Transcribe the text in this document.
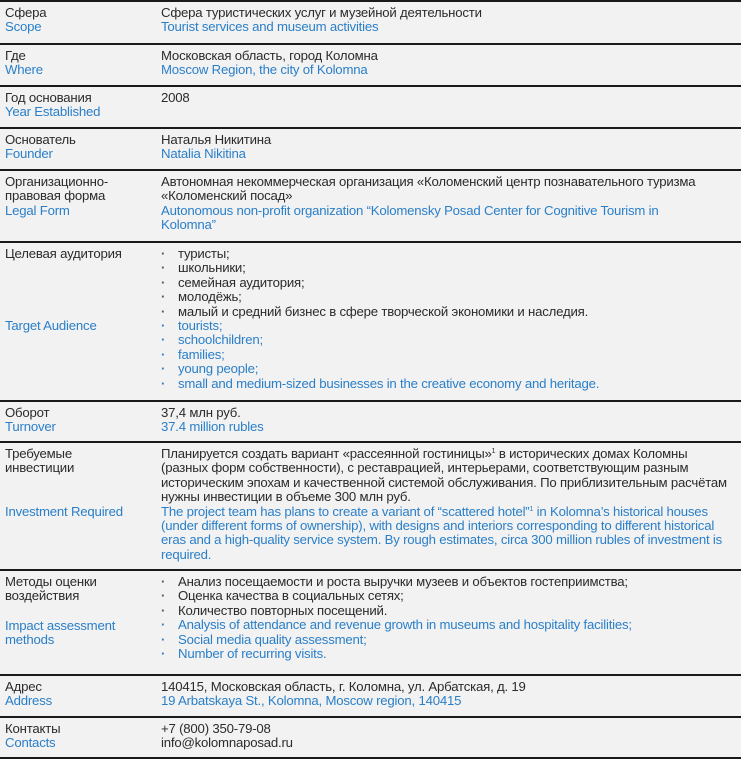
Сфера
Scope
Сфера туристических услуг и музейной деятельности
Tourist services and museum activities
Где
Where
Московская область, город Коломна
Moscow Region, the city of Kolomna
Год основания
Year Established
2008
Основатель
Founder
Наталья Никитина
Natalia Nikitina
Организационно-правовая форма
Legal Form
Автономная некоммерческая организация «Коломенский центр познавательного туризма «Коломенский посад»
Autonomous non-profit organization “Kolomensky Posad Center for Cognitive Tourism in Kolomna”
Целевая аудитория
Target Audience
· туристы;
· школьники;
· семейная аудитория;
· молодёжь;
· малый и средний бизнес в сфере творческой экономики и наследия.
· tourists;
· schoolchildren;
· families;
· young people;
· small and medium-sized businesses in the creative economy and heritage.
Оборот
Turnover
37,4 млн руб.
37.4 million rubles
Требуемые инвестиции
Investment Required
Планируется создать вариант «рассеянной гостиницы»$^1$ в исторических домах Коломны (разных форм собственности), с реставрацией, интерьерами, соответствующим разным историческим эпохам и качественной системой обслуживания. По приблизительным расчётам нужны инвестиции в объеме 300 млн руб.
The project team has plans to create a variant of “scattered hotel”$^1$ in Kolomna’s historical houses (under different forms of ownership), with designs and interiors corresponding to different historical eras and a high-quality service system. By rough estimates, circa 300 million rubles of investment is required.
Методы оценки воздействия
Impact assessment methods
· Анализ посещаемости и роста выручки музеев и объектов гостеприимства;
· Оценка качества в социальных сетях;
· Количество повторных посещений.
· Analysis of attendance and revenue growth in museums and hospitality facilities;
· Social media quality assessment;
· Number of recurring visits.
Адрес
Address
140415, Московская область, г. Коломна, ул. Арбатская, д. 19
19 Arbatskaya St., Kolomna, Moscow region, 140415
Контакты
Contacts
+7 (800) 350-79-08
info@kolomnaposad.ru
